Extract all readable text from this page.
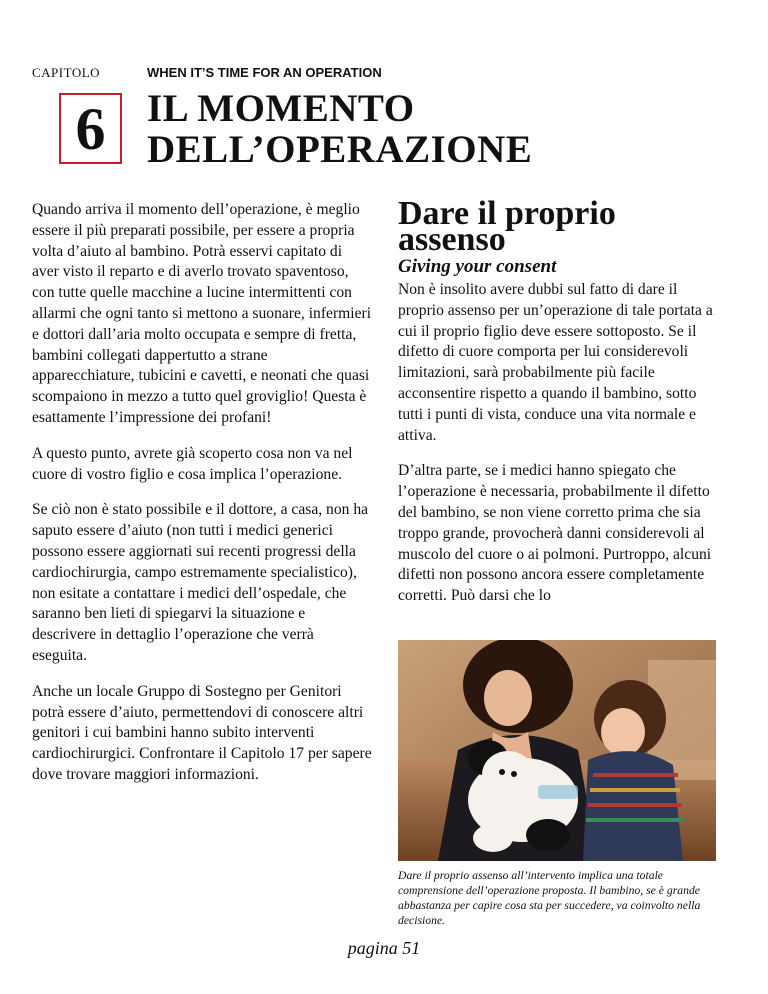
CAPITOLO	WHEN IT’S TIME FOR AN OPERATION
6 IL MOMENTO
DELL’OPERAZIONE

Quando arriva il momento dell’operazione, è meglio essere il più preparati possibile, per essere a propria volta d’aiuto al bambino. Potrà esservi capitato di aver visto il reparto e di averlo trovato spaventoso, con tutte quelle macchine a lucine intermittenti con allarmi che ogni tanto si mettono a suonare, infermieri e dottori dall’aria molto occupata e sempre di fretta, bambini collegati dappertutto a strane apparecchiature, tubicini e cavetti, e neonati che quasi scompaiono in mezzo a tutto quel groviglio! Questa è esattamente l’impressione dei profani!

A questo punto, avrete già scoperto cosa non va nel cuore di vostro figlio e cosa implica l’operazione.

Se ciò non è stato possibile e il dottore, a casa, non ha saputo essere d’aiuto (non tutti i medici generici possono essere aggiornati sui recenti progressi della cardiochirurgia, campo estremamente specialistico), non esitate a contattare i medici dell’ospedale, che saranno ben lieti di spiegarvi la situazione e descrivere in dettaglio l’operazione che verrà eseguita.

Anche un locale Gruppo di Sostegno per Genitori potrà essere d’aiuto, permettendovi di conoscere altri genitori i cui bambini hanno subito interventi cardiochirurgici. Confrontare il Capitolo 17 per sapere dove trovare maggiori informazioni.

Dare il proprio
assenso
Giving your consent

Non è insolito avere dubbi sul fatto di dare il proprio assenso per un’operazione di tale portata a cui il proprio figlio deve essere sottoposto. Se il difetto di cuore comporta per lui considerevoli limitazioni, sarà probabilmente più facile acconsentire rispetto a quando il bambino, sotto tutti i punti di vista, conduce una vita normale e attiva.

D’altra parte, se i medici hanno spiegato che l’operazione è necessaria, probabilmente il difetto del bambino, se non viene corretto prima che sia troppo grande, provocherà danni considerevoli al muscolo del cuore o ai polmoni. Purtroppo, alcuni difetti non possono ancora essere completamente corretti. Può darsi che lo

Dare il proprio assenso all’intervento implica una totale comprensione dell’operazione proposta. Il bambino, se è grande abbastanza per capire cosa sta per succedere, va coinvolto nella decisione.
pagina 51
